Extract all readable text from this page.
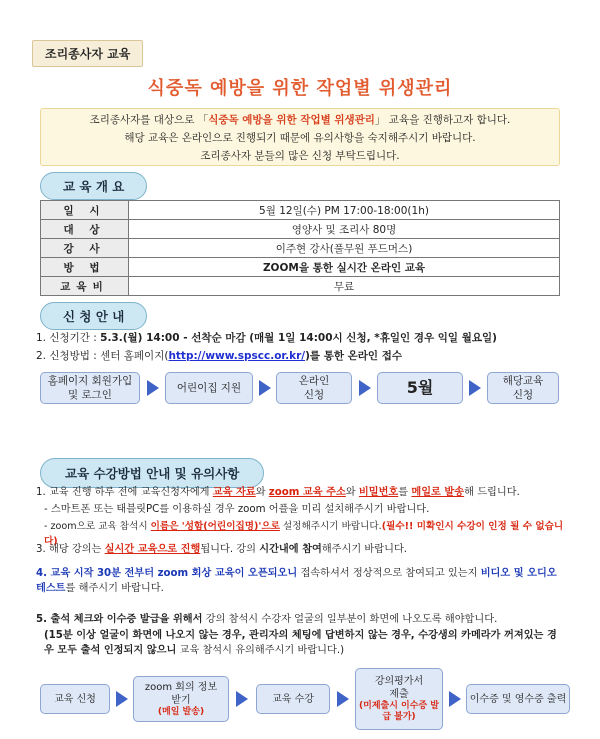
조리종사자 교육
식중독 예방을 위한 작업별 위생관리
조리종사자를 대상으로 「식중독 예방을 위한 작업별 위생관리」 교육을 진행하고자 합니다.
해당 교육은 온라인으로 진행되기 때문에 유의사항을 숙지해주시기 바랍니다.
조리종사자 분들의 많은 신청 부탁드립니다.
교 육 개 요
일 시	5월 12일(수) PM 17:00-18:00(1h)
대 상	영양사 및 조리사 80명
강 사	이주현 강사(풀무원 푸드머스)
방 법	ZOOM을 통한 실시간 온라인 교육
교육비	무료
신 청 안 내
1. 신청기간 : 5.3.(월) 14:00 - 선착순 마감 (매월 1일 14:00시 신청, *휴일인 경우 익일 월요일)
2. 신청방법 : 센터 홈페이지(http://www.spscc.or.kr/)를 통한 온라인 접수
홈페이지 회원가입
및 로그인
어린이집 지원
온라인
신청	5월	해당교육
신청
교육 수강방법 안내 및 유의사항
1. 교육 진행 하루 전에 교육신청자에게 교육 자료와 zoom 교육 주소와 비밀번호를 메일로 발송해 드립니다.
- 스마트폰 또는 태블릿PC를 이용하실 경우 zoom 어플을 미리 설치해주시기 바랍니다.
- zoom으로 교육 참석시 이름은 '성함(어린이집명)'으로 설정해주시기 바랍니다.(필수!! 미확인시 수강이 인정 될 수 없습니다)
3. 해당 강의는 실시간 교육으로 진행됩니다. 강의 시간내에 참여해주시기 바랍니다.
4. 교육 시작 30분 전부터 zoom 회상 교육이 오픈되오니 접속하셔서 정상적으로 참여되고 있는지 비디오 및 오디오 테스트를 해주시기 바랍니다.
5. 출석 체크와 이수증 발급을 위해서 강의 참석시 수강자 얼굴의 일부분이 화면에 나오도록 해야합니다.
(15분 이상 얼굴이 화면에 나오지 않는 경우, 관리자의 체팅에 답변하지 않는 경우, 수강생의 카메라가 꺼져있는 경우 모두 출석 인정되지 않으니 교육 참석시 유의해주시기 바랍니다.)
교육 신청
zoom 회의 정보
받기
(메일 발송)
교육 수강
강의평가서
제출
(미제출시 이수증 발급 불가)
이수증 및 영수증 출력
